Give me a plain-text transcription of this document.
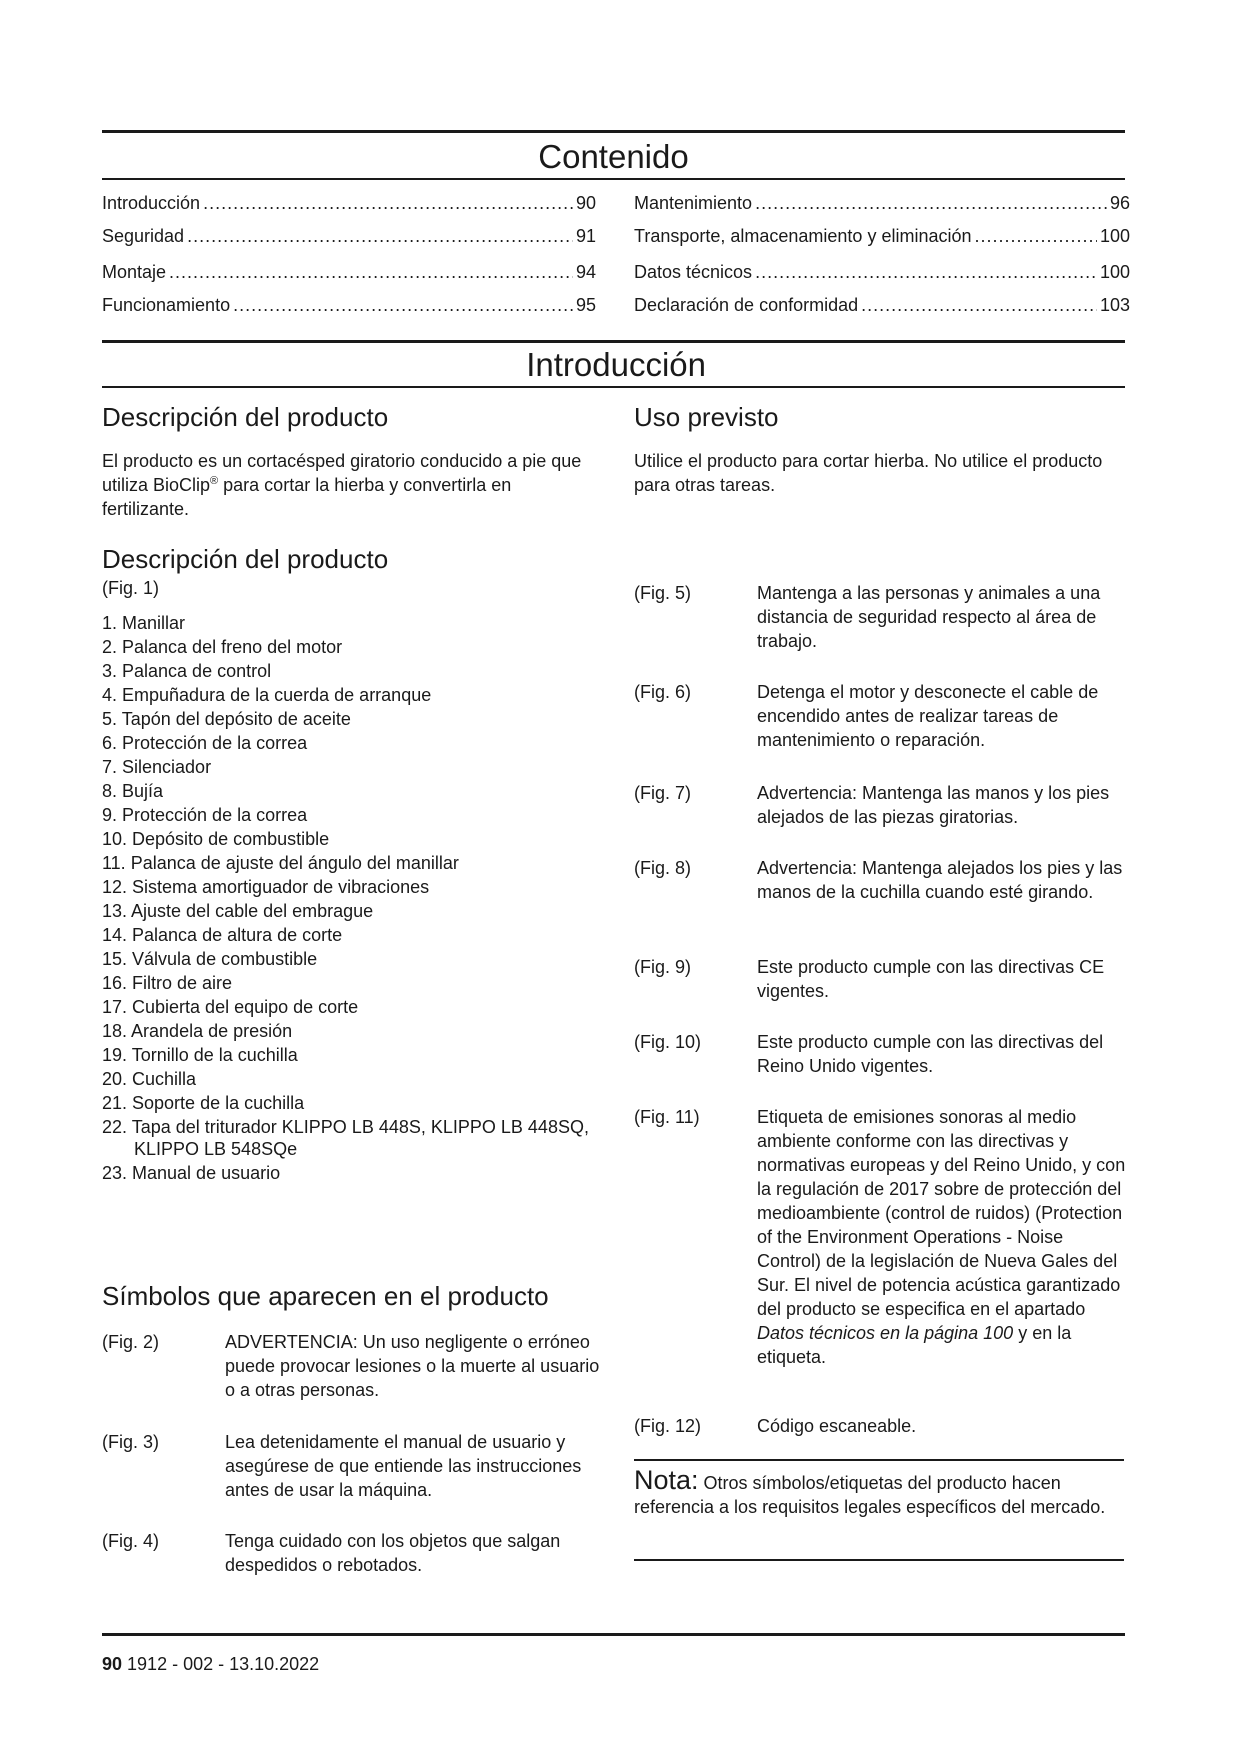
Contenido
Introducción .....	90
Seguridad .....	91
Montaje .....	94
Funcionamiento .....	95
Mantenimiento .....	96
Transporte, almacenamiento y eliminación .....	100
Datos técnicos .....	100
Declaración de conformidad .....	103
Introducción
Descripción del producto

El producto es un cortacésped giratorio conducido a pie que utiliza BioClip® para cortar la hierba y convertirla en fertilizante.

Uso previsto

Utilice el producto para cortar hierba. No utilice el producto para otras tareas.

Descripción del producto

(Fig. 1)

1. Manillar
2. Palanca del freno del motor
3. Palanca de control
4. Empuñadura de la cuerda de arranque
5. Tapón del depósito de aceite
6. Protección de la correa
7. Silenciador
8. Bujía
9. Protección de la correa
10. Depósito de combustible
11. Palanca de ajuste del ángulo del manillar
12. Sistema amortiguador de vibraciones
13. Ajuste del cable del embrague
14. Palanca de altura de corte
15. Válvula de combustible
16. Filtro de aire
17. Cubierta del equipo de corte
18. Arandela de presión
19. Tornillo de la cuchilla
20. Cuchilla
21. Soporte de la cuchilla
22. Tapa del triturador KLIPPO LB 448S, KLIPPO LB 448SQ, KLIPPO LB 548SQe
23. Manual de usuario
Símbolos que aparecen en el producto
(Fig. 2)	ADVERTENCIA: Un uso negligente o erróneo puede provocar lesiones o la muerte al usuario o a otras personas.
(Fig. 3)	Lea detenidamente el manual de usuario y asegúrese de que entiende las instrucciones antes de usar la máquina.
(Fig. 4)	Tenga cuidado con los objetos que salgan despedidos o rebotados.
(Fig. 5)	Mantenga a las personas y animales a una distancia de seguridad respecto al área de trabajo.
(Fig. 6)	Detenga el motor y desconecte el cable de encendido antes de realizar tareas de mantenimiento o reparación.
(Fig. 7)	Advertencia: Mantenga las manos y los pies alejados de las piezas giratorias.
(Fig. 8)	Advertencia: Mantenga alejados los pies y las manos de la cuchilla cuando esté girando.
(Fig. 9)	Este producto cumple con las directivas CE vigentes.
(Fig. 10)	Este producto cumple con las directivas del Reino Unido vigentes.
(Fig. 11)	Etiqueta de emisiones sonoras al medio ambiente conforme con las directivas y normativas europeas y del Reino Unido, y con la regulación de 2017 sobre de protección del medioambiente (control de ruidos) (Protection of the Environment Operations - Noise Control) de la legislación de Nueva Gales del Sur. El nivel de potencia acústica garantizado del producto se especifica en el apartado Datos técnicos en la página 100 y en la etiqueta.
(Fig. 12)	Código escaneable.
Nota: Otros símbolos/etiquetas del producto hacen referencia a los requisitos legales específicos del mercado.
90 1912 - 002 - 13.10.2022
